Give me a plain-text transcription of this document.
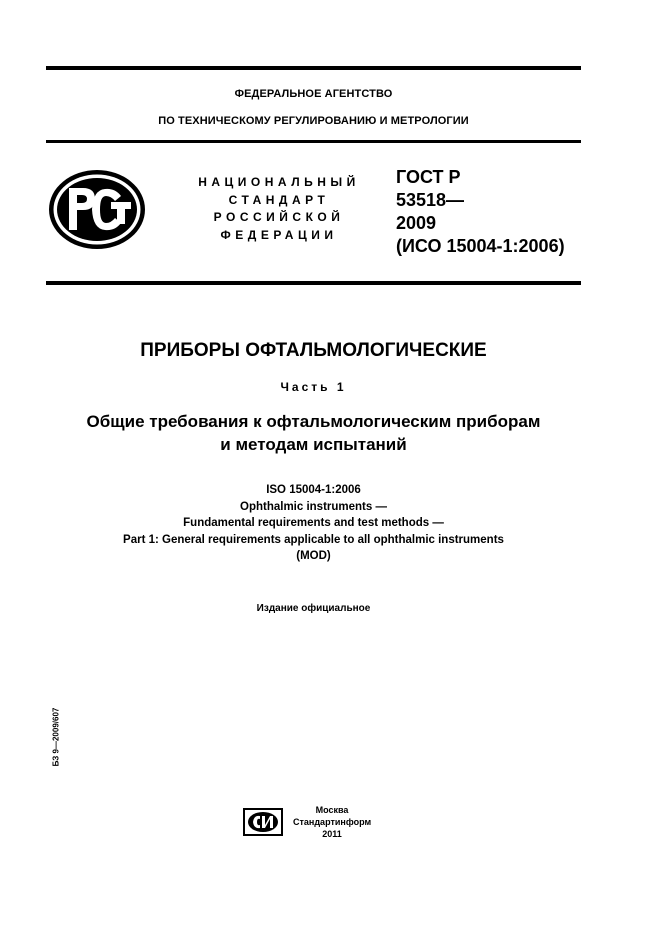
ФЕДЕРАЛЬНОЕ АГЕНТСТВО
ПО ТЕХНИЧЕСКОМУ РЕГУЛИРОВАНИЮ И МЕТРОЛОГИИ
НАЦИОНАЛЬНЫЙ
СТАНДАРТ
РОССИЙСКОЙ
ФЕДЕРАЦИИ
ГОСТ Р
53518—
2009
(ИСО 15004-1:2006)
ПРИБОРЫ ОФТАЛЬМОЛОГИЧЕСКИЕ
Часть 1
Общие требования к офтальмологическим приборам
и методам испытаний
ISO 15004-1:2006
Ophthalmic instruments —
Fundamental requirements and test methods —
Part 1: General requirements applicable to all ophthalmic instruments
(MOD)
Издание официальное
БЗ 9—2009/607
Москва
Стандартинформ
2011
